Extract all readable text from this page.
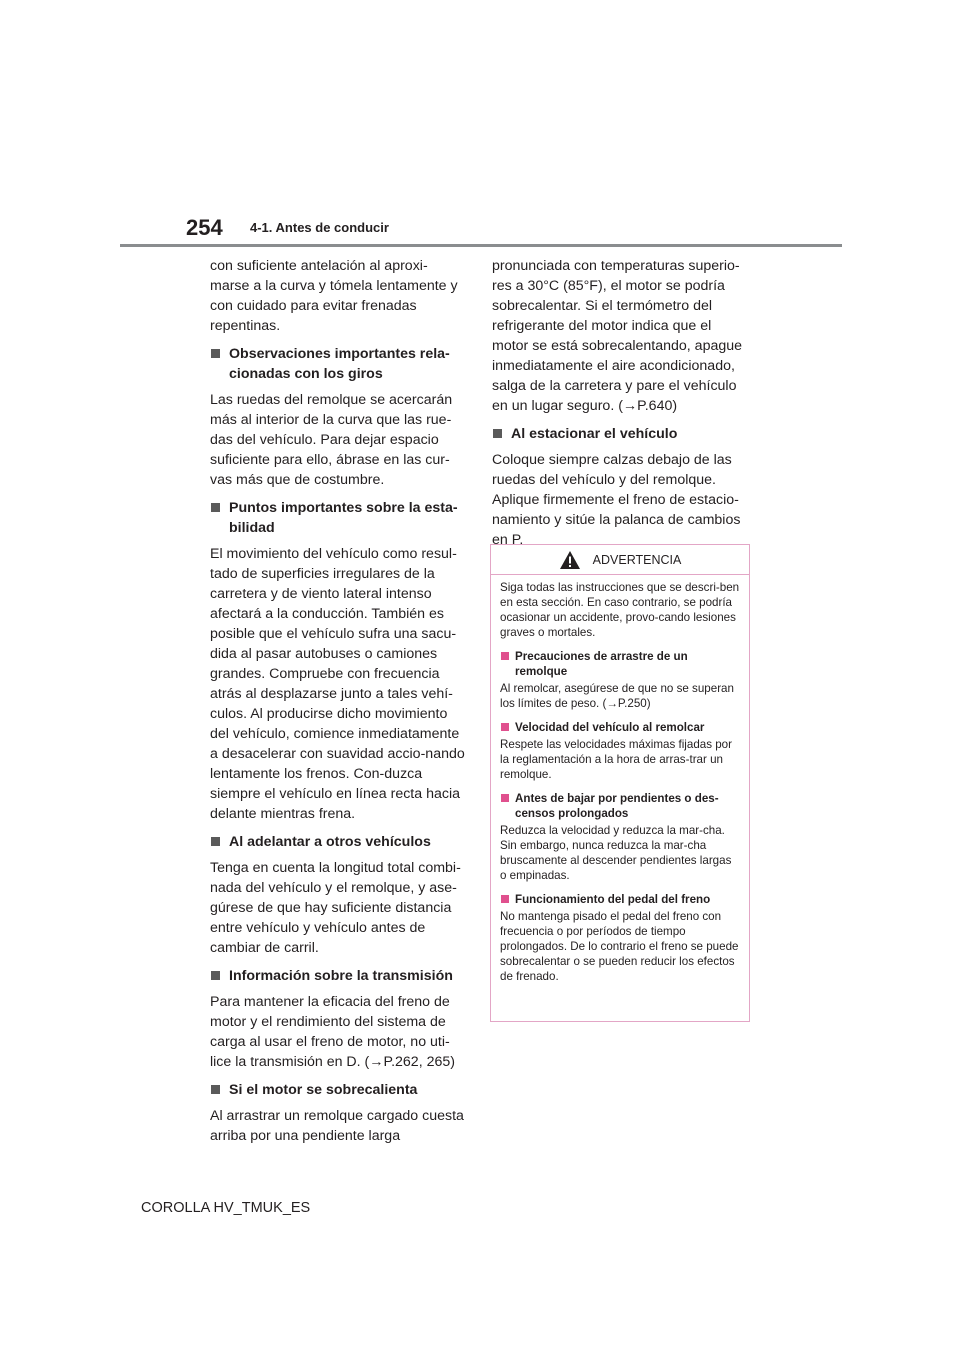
254 4-1. Antes de conducir

con suficiente antelación al aproxi-marse a la curva y tómela lentamente y con cuidado para evitar frenadas repentinas.

Observaciones importantes rela-cionadas con los giros

Las ruedas del remolque se acercarán más al interior de la curva que las rue-das del vehículo. Para dejar espacio suficiente para ello, ábrase en las cur-vas más que de costumbre.

Puntos importantes sobre la esta-bilidad

El movimiento del vehículo como resul-tado de superficies irregulares de la carretera y de viento lateral intenso afectará a la conducción. También es posible que el vehículo sufra una sacu-dida al pasar autobuses o camiones grandes. Compruebe con frecuencia atrás al desplazarse junto a tales vehí-culos. Al producirse dicho movimiento del vehículo, comience inmediatamente a desacelerar con suavidad accio-nando lentamente los frenos. Con-duzca siempre el vehículo en línea recta hacia delante mientras frena.

Al adelantar a otros vehículos

Tenga en cuenta la longitud total combi-nada del vehículo y el remolque, y ase-gúrese de que hay suficiente distancia entre vehículo y vehículo antes de cambiar de carril.

Información sobre la transmisión

Para mantener la eficacia del freno de motor y el rendimiento del sistema de carga al usar el freno de motor, no uti-lice la transmisión en D. (→P.262, 265)

Si el motor se sobrecalienta

Al arrastrar un remolque cargado cuesta arriba por una pendiente larga

pronunciada con temperaturas superio-res a 30°C (85°F), el motor se podría sobrecalentar. Si el termómetro del refrigerante del motor indica que el motor se está sobrecalentando, apague inmediatamente el aire acondicionado, salga de la carretera y pare el vehículo en un lugar seguro. (→P.640)

Al estacionar el vehículo

Coloque siempre calzas debajo de las ruedas del vehículo y del remolque. Aplique firmemente el freno de estacio-namiento y sitúe la palanca de cambios en P.

ADVERTENCIA

Siga todas las instrucciones que se descri-ben en esta sección. En caso contrario, se podría ocasionar un accidente, provo-cando lesiones graves o mortales.

Precauciones de arrastre de un remolque

Al remolcar, asegúrese de que no se superan los límites de peso. (→P.250)

Velocidad del vehículo al remolcar

Respete las velocidades máximas fijadas por la reglamentación a la hora de arras-trar un remolque.

Antes de bajar por pendientes o des-censos prolongados

Reduzca la velocidad y reduzca la mar-cha. Sin embargo, nunca reduzca la mar-cha bruscamente al descender pendientes largas o empinadas.

Funcionamiento del pedal del freno

No mantenga pisado el pedal del freno con frecuencia o por períodos de tiempo prolongados. De lo contrario el freno se puede sobrecalentar o se pueden reducir los efectos de frenado.

COROLLA HV_TMUK_ES
